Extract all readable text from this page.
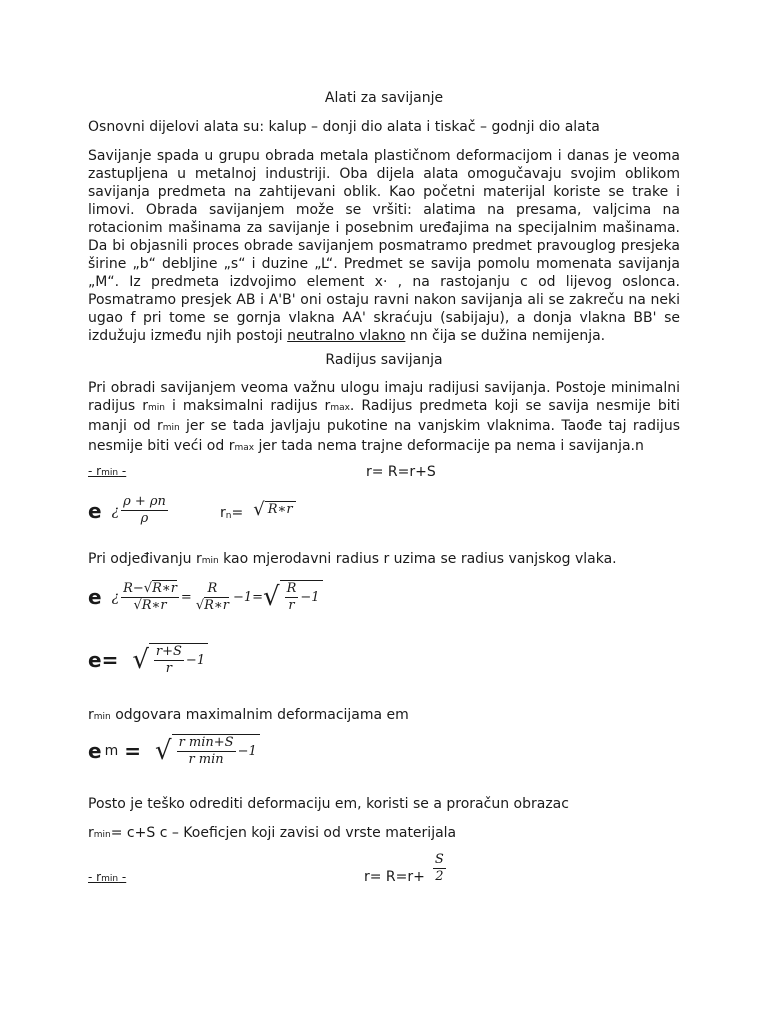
Alati za savijanje
Osnovni dijelovi alata su: kalup – donji dio alata i tiskač – godnji dio alata
Savijanje spada u grupu obrada metala plastičnom deformacijom i danas je veoma zastupljena u metalnoj industriji. Oba dijela alata omogučavaju svojim oblikom savijanja predmeta na zahtijevani oblik. Kao početni materijal koriste se trake i limovi. Obrada savijanjem može se vršiti: alatima na presama, valjcima na rotacionim mašinama za savijanje i posebnim uređajima na specijalnim mašinama. Da bi objasnili proces obrade savijanjem posmatramo predmet pravouglog presjeka širine „b“ debljine „s“ i duzine „L“. Predmet se savija pomolu momenata savijanja „M“. Iz predmeta izdvojimo element x· , na rastojanju c od lijevog oslonca. Posmatramo presjek AB i A'B' oni ostaju ravni nakon savijanja ali se zakreču na neki ugao f pri tome se gornja vlakna AA' skraćuju (sabijaju), a donja vlakna BB' se izdužuju između njih postoji neutralno vlakno nn čija se dužina nemijenja.
Radijus savijanja
Pri obradi savijanjem veoma važnu ulogu imaju radijusi savijanja. Postoje minimalni radijus rmin i maksimalni radijus rmax. Radijus predmeta koji se savija nesmije biti manji od rmin jer se tada javljaju pukotine na vanjskim vlaknima. Taođe taj radijus nesmije biti veći od rmax jer tada nema trajne deformacije pa nema i savijanja.n
- rmin -	r= R=r+S
e ¿ $\frac{\rho + \rho n}{\rho}$	r n = √ R∗r
Pri odjeđivanju rmin kao mjerodavni radius r uzima se radius vanjskog vlaka.
e ¿ $\frac{R-√R∗r}{√R∗r} = \frac{R}{√R∗r} -1=$ √ $\frac{R}{r} -1$
e= √ $\frac{r+S}{r} -1$
rmin odgovara maximalnim deformacijama em
e m = √ $\frac{\text{r min+S}}{\text{r min}} -1$
Posto je teško odrediti deformaciju em, koristi se a proračun obrazac
rmin= c+S c – Koeficjen koji zavisi od vrste materijala
- rmin -	$r= R=r+ \frac{S}{2}$
